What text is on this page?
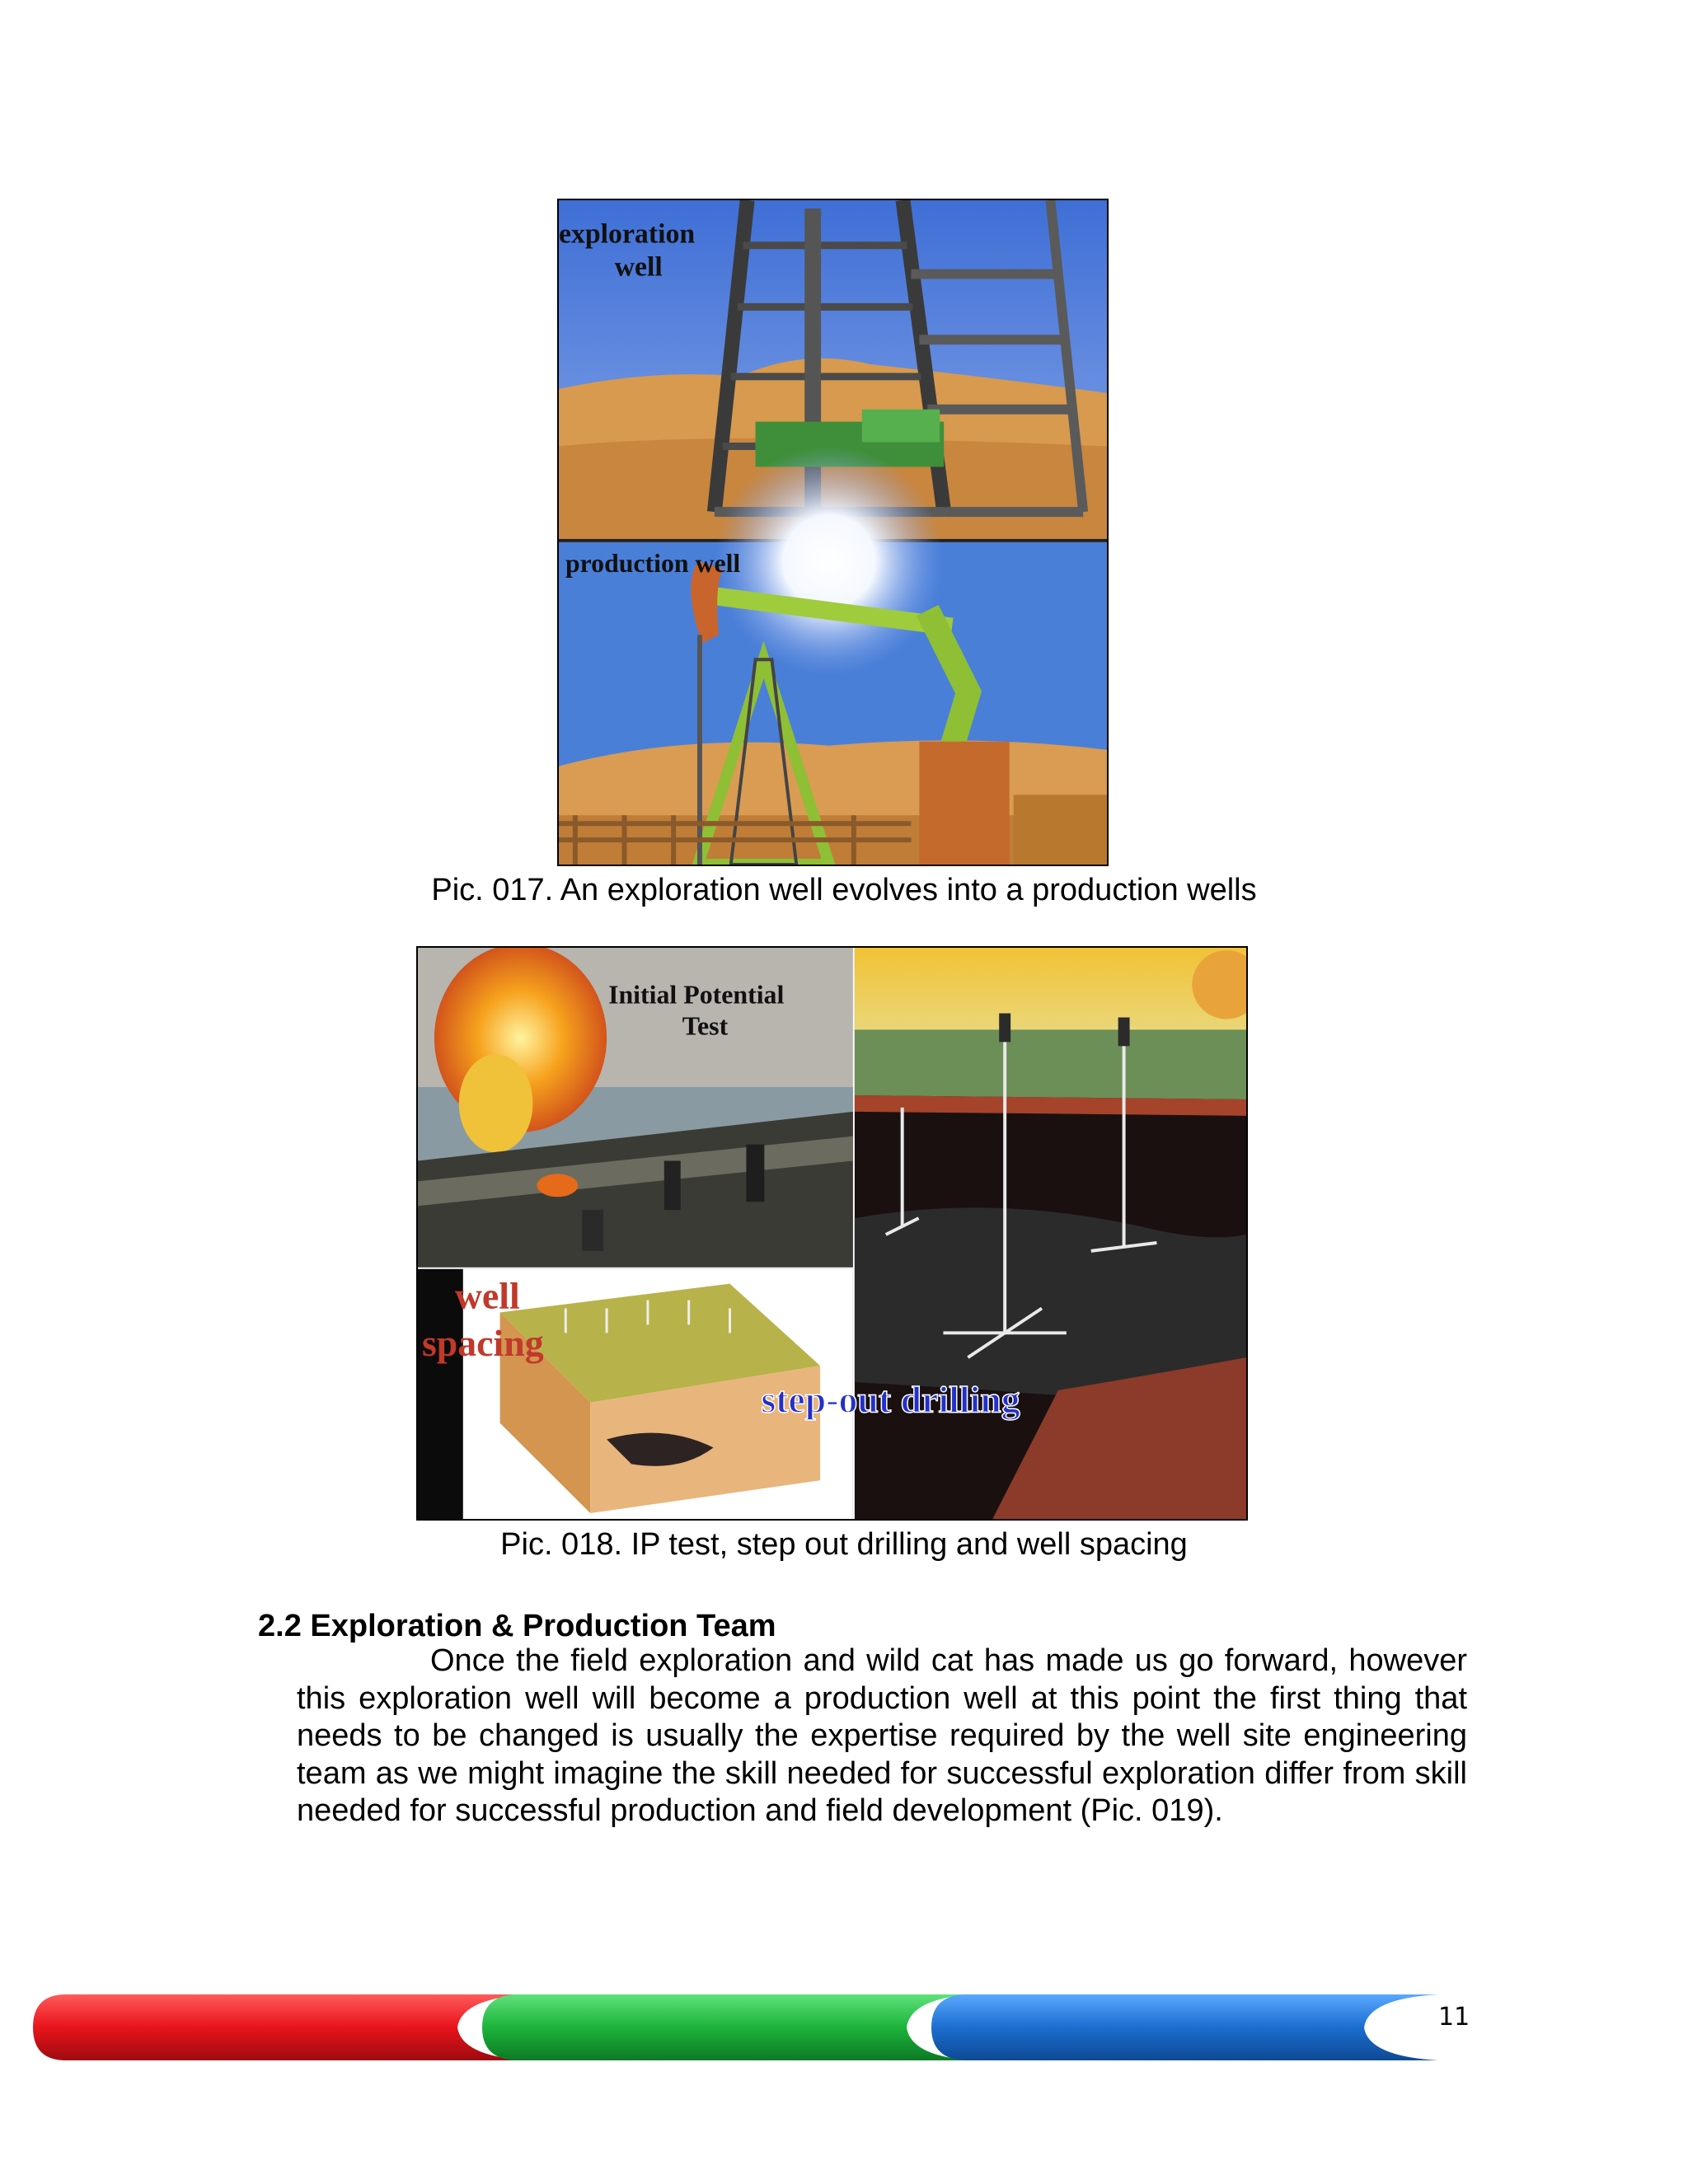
exploration well
production well
Pic. 017. An exploration well evolves into a production wells
Initial Potential Test
well
spacing
step-out drilling
Pic. 018. IP test, step out drilling and well spacing
2.2 Exploration & Production Team
Once the field exploration and wild cat has made us go forward, however this exploration well will become a production well at this point the first thing that needs to be changed is usually the expertise required by the well site engineering team as we might imagine the skill needed for successful exploration differ from skill needed for successful production and field development (Pic. 019).
11
